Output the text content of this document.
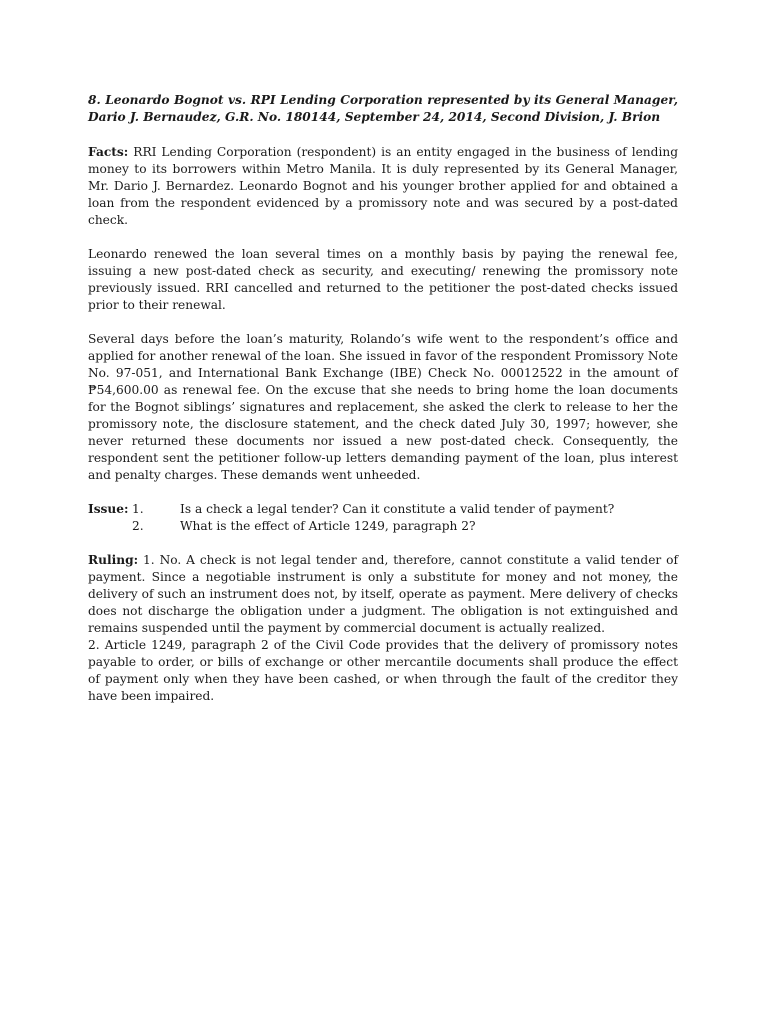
8. Leonardo Bognot vs. RPI Lending Corporation represented by its General Manager, Dario J. Bernaudez, G.R. No. 180144, September 24, 2014, Second Division, J. Brion

Facts: RRI Lending Corporation (respondent) is an entity engaged in the business of lending money to its borrowers within Metro Manila. It is duly represented by its General Manager, Mr. Dario J. Bernardez. Leonardo Bognot and his younger brother applied for and obtained a loan from the respondent evidenced by a promissory note and was secured by a post-dated check.

Leonardo renewed the loan several times on a monthly basis by paying the renewal fee, issuing a new post-dated check as security, and executing/ renewing the promissory note previously issued. RRI cancelled and returned to the petitioner the post-dated checks issued prior to their renewal.

Several days before the loan’s maturity, Rolando’s wife went to the respondent’s office and applied for another renewal of the loan. She issued in favor of the respondent Promissory Note No. 97-051, and International Bank Exchange (IBE) Check No. 00012522 in the amount of ₱54,600.00 as renewal fee. On the excuse that she needs to bring home the loan documents for the Bognot siblings’ signatures and replacement, she asked the clerk to release to her the promissory note, the disclosure statement, and the check dated July 30, 1997; however, she never returned these documents nor issued a new post-dated check. Consequently, the respondent sent the petitioner follow-up letters demanding payment of the loan, plus interest and penalty charges. These demands went unheeded.

Issue: 1.	Is a check a legal tender? Can it constitute a valid tender of payment?
2.	What is the effect of Article 1249, paragraph 2?

Ruling: 1. No. A check is not legal tender and, therefore, cannot constitute a valid tender of payment. Since a negotiable instrument is only a substitute for money and not money, the delivery of such an instrument does not, by itself, operate as payment. Mere delivery of checks does not discharge the obligation under a judgment. The obligation is not extinguished and remains suspended until the payment by commercial document is actually realized.

2. Article 1249, paragraph 2 of the Civil Code provides that the delivery of promissory notes payable to order, or bills of exchange or other mercantile documents shall produce the effect of payment only when they have been cashed, or when through the fault of the creditor they have been impaired.
